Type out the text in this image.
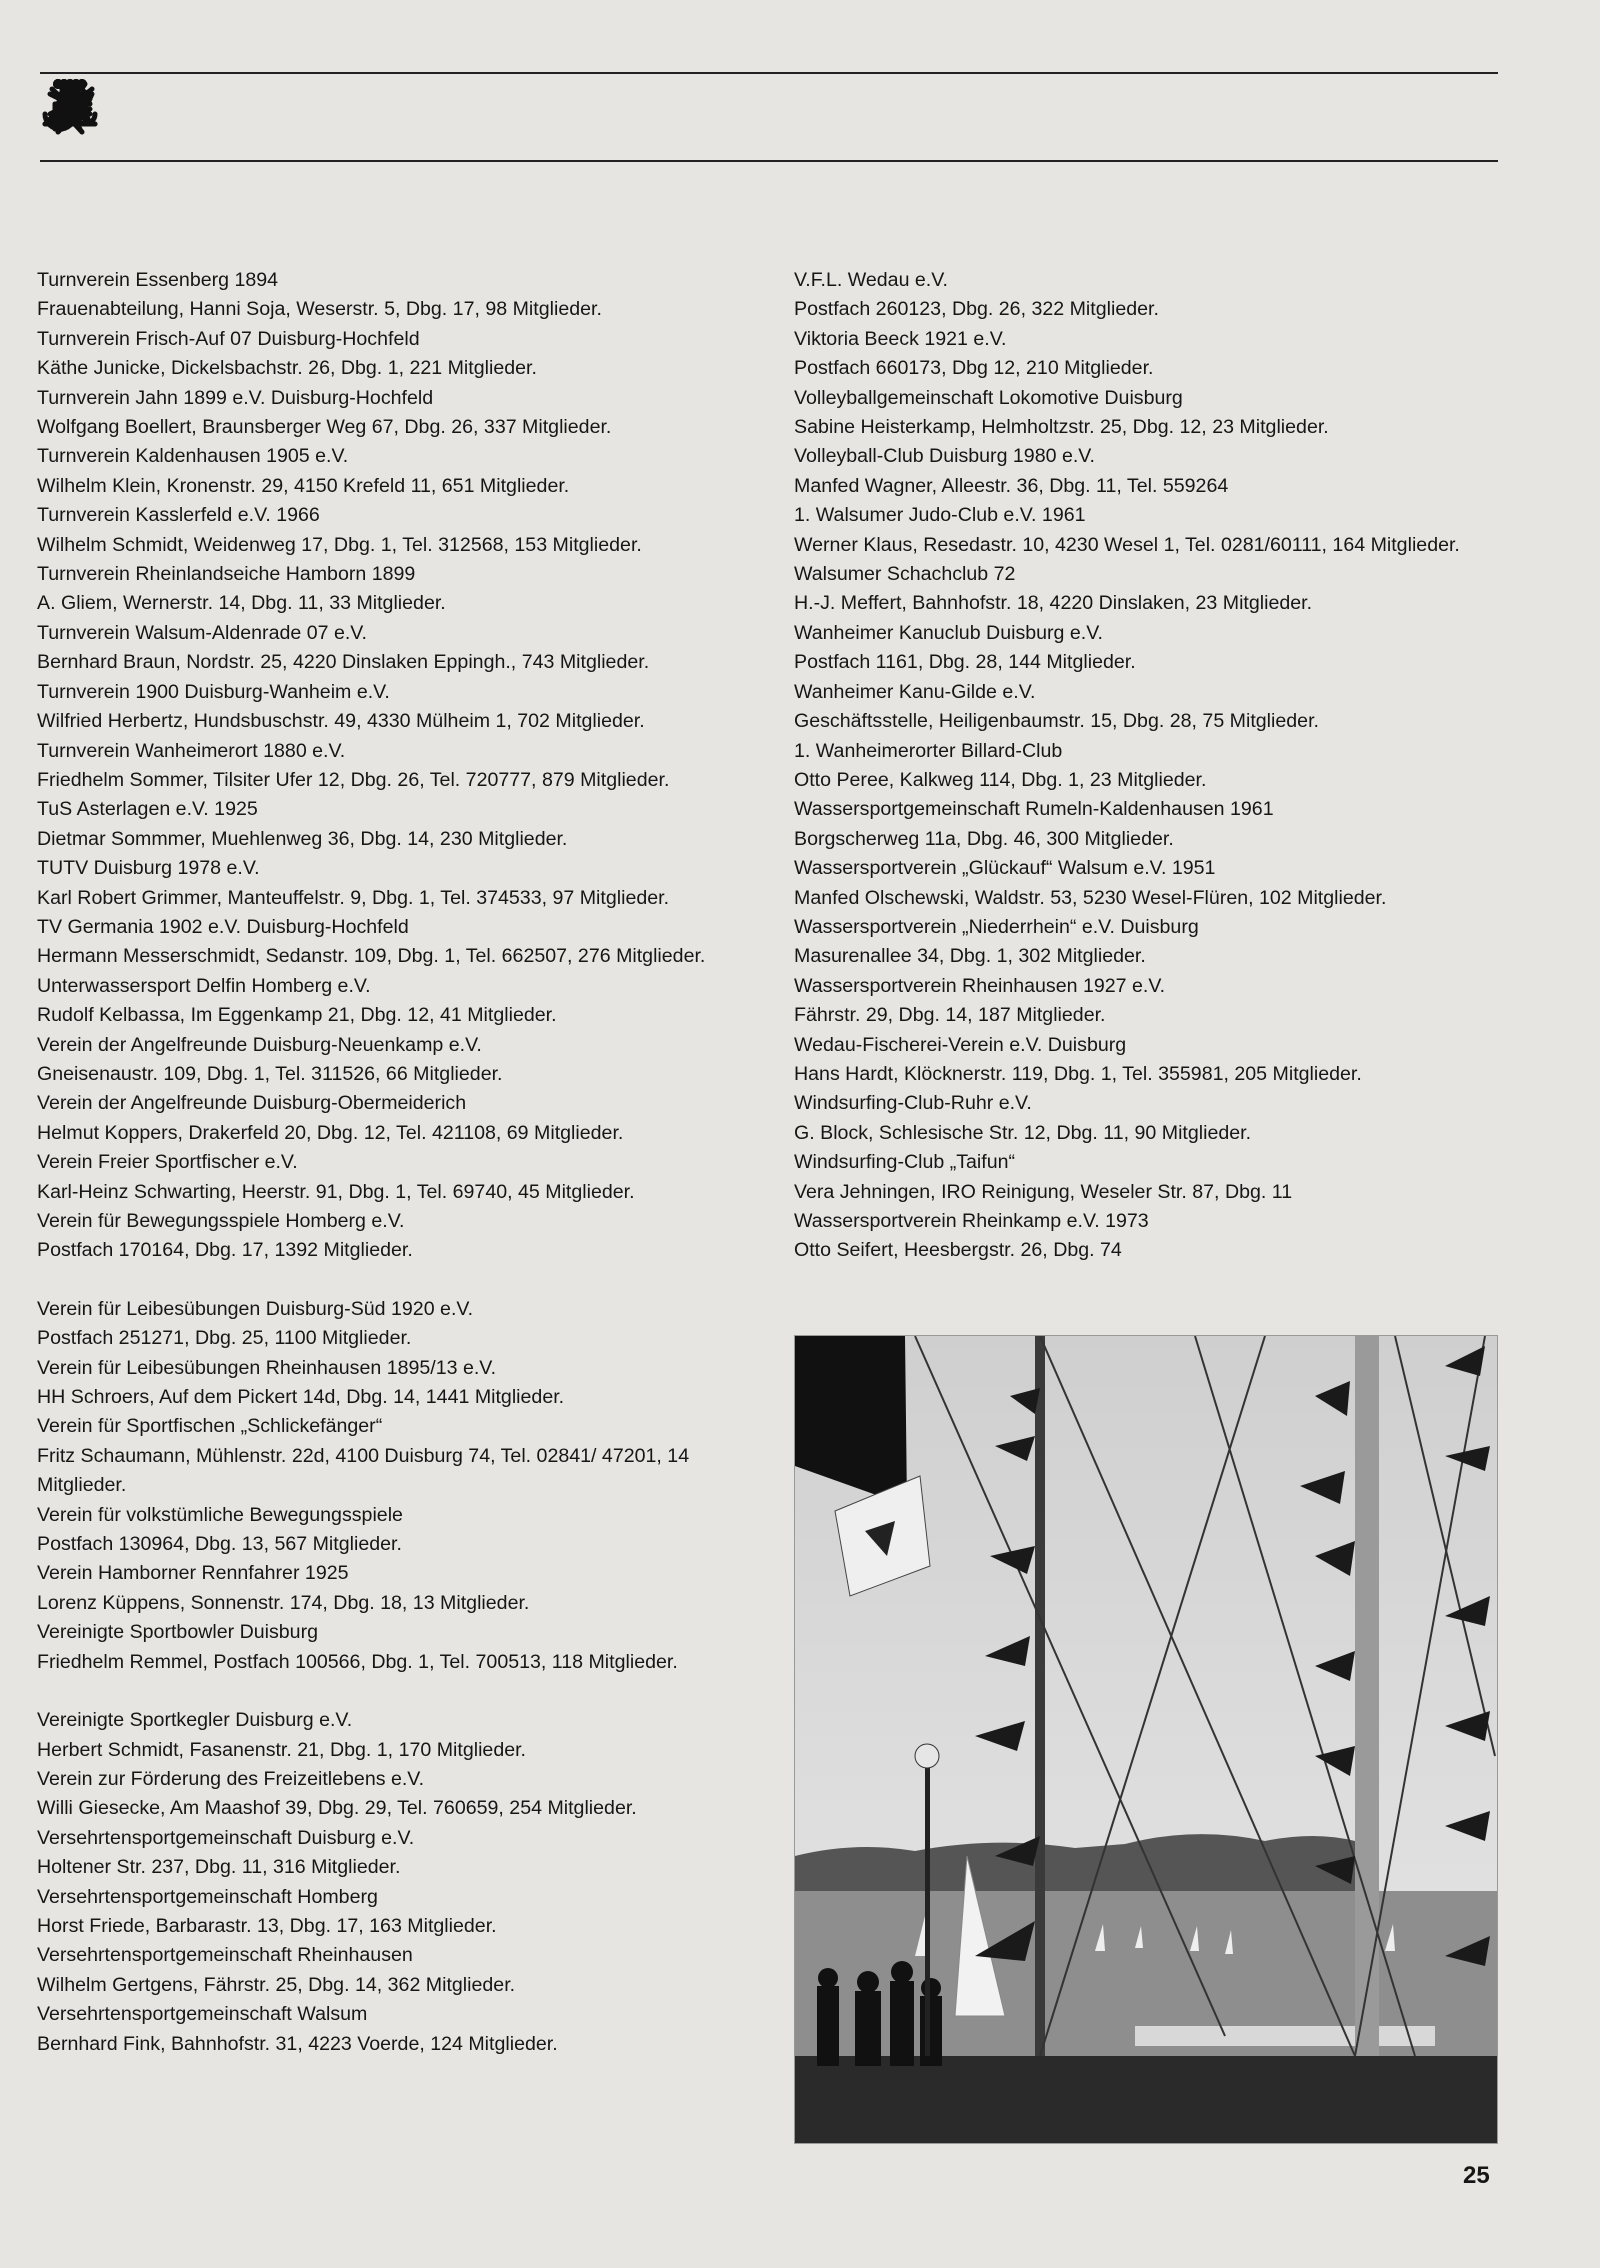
Turnverein Essenberg 1894
Frauenabteilung, Hanni Soja, Weserstr. 5, Dbg. 17, 98 Mitglieder.
Turnverein Frisch-Auf 07 Duisburg-Hochfeld
Käthe Junicke, Dickelsbachstr. 26, Dbg. 1, 221 Mitglieder.
Turnverein Jahn 1899 e.V. Duisburg-Hochfeld
Wolfgang Boellert, Braunsberger Weg 67, Dbg. 26, 337 Mitglieder.
Turnverein Kaldenhausen 1905 e.V.
Wilhelm Klein, Kronenstr. 29, 4150 Krefeld 11, 651 Mitglieder.
Turnverein Kasslerfeld e.V. 1966
Wilhelm Schmidt, Weidenweg 17, Dbg. 1, Tel. 312568, 153 Mitglieder.
Turnverein Rheinlandseiche Hamborn 1899
A. Gliem, Wernerstr. 14, Dbg. 11, 33 Mitglieder.
Turnverein Walsum-Aldenrade 07 e.V.
Bernhard Braun, Nordstr. 25, 4220 Dinslaken Eppingh., 743 Mitglieder.
Turnverein 1900 Duisburg-Wanheim e.V.
Wilfried Herbertz, Hundsbuschstr. 49, 4330 Mülheim 1, 702 Mitglieder.
Turnverein Wanheimerort 1880 e.V.
Friedhelm Sommer, Tilsiter Ufer 12, Dbg. 26, Tel. 720777, 879 Mitglieder.
TuS Asterlagen e.V. 1925
Dietmar Sommmer, Muehlenweg 36, Dbg. 14, 230 Mitglieder.
TUTV Duisburg 1978 e.V.
Karl Robert Grimmer, Manteuffelstr. 9, Dbg. 1, Tel. 374533, 97 Mitglieder.
TV Germania 1902 e.V. Duisburg-Hochfeld
Hermann Messerschmidt, Sedanstr. 109, Dbg. 1, Tel. 662507, 276 Mitglieder.
Unterwassersport Delfin Homberg e.V.
Rudolf Kelbassa, Im Eggenkamp 21, Dbg. 12, 41 Mitglieder.
Verein der Angelfreunde Duisburg-Neuenkamp e.V.
Gneisenaustr. 109, Dbg. 1, Tel. 311526, 66 Mitglieder.
Verein der Angelfreunde Duisburg-Obermeiderich
Helmut Koppers, Drakerfeld 20, Dbg. 12, Tel. 421108, 69 Mitglieder.
Verein Freier Sportfischer e.V.
Karl-Heinz Schwarting, Heerstr. 91, Dbg. 1, Tel. 69740, 45 Mitglieder.
Verein für Bewegungsspiele Homberg e.V.
Postfach 170164, Dbg. 17, 1392 Mitglieder.
Verein für Leibesübungen Duisburg-Süd 1920 e.V.
Postfach 251271, Dbg. 25, 1100 Mitglieder.
Verein für Leibesübungen Rheinhausen 1895/13 e.V.
HH Schroers, Auf dem Pickert 14d, Dbg. 14, 1441 Mitglieder.
Verein für Sportfischen „Schlickefänger“
Fritz Schaumann, Mühlenstr. 22d, 4100 Duisburg 74, Tel. 02841/ 47201, 14 Mitglieder.
Verein für volkstümliche Bewegungsspiele
Postfach 130964, Dbg. 13, 567 Mitglieder.
Verein Hamborner Rennfahrer 1925
Lorenz Küppens, Sonnenstr. 174, Dbg. 18, 13 Mitglieder.
Vereinigte Sportbowler Duisburg
Friedhelm Remmel, Postfach 100566, Dbg. 1, Tel. 700513, 118 Mitglieder.
Vereinigte Sportkegler Duisburg e.V.
Herbert Schmidt, Fasanenstr. 21, Dbg. 1, 170 Mitglieder.
Verein zur Förderung des Freizeitlebens e.V.
Willi Giesecke, Am Maashof 39, Dbg. 29, Tel. 760659, 254 Mitglieder.
Versehrtensportgemeinschaft Duisburg e.V.
Holtener Str. 237, Dbg. 11, 316 Mitglieder.
Versehrtensportgemeinschaft Homberg
Horst Friede, Barbarastr. 13, Dbg. 17, 163 Mitglieder.
Versehrtensportgemeinschaft Rheinhausen
Wilhelm Gertgens, Fährstr. 25, Dbg. 14, 362 Mitglieder.
Versehrtensportgemeinschaft Walsum
Bernhard Fink, Bahnhofstr. 31, 4223 Voerde, 124 Mitglieder.
V.F.L. Wedau e.V.
Postfach 260123, Dbg. 26, 322 Mitglieder.
Viktoria Beeck 1921 e.V.
Postfach 660173, Dbg 12, 210 Mitglieder.
Volleyballgemeinschaft Lokomotive Duisburg
Sabine Heisterkamp, Helmholtzstr. 25, Dbg. 12, 23 Mitglieder.
Volleyball-Club Duisburg 1980 e.V.
Manfed Wagner, Alleestr. 36, Dbg. 11, Tel. 559264
1. Walsumer Judo-Club e.V. 1961
Werner Klaus, Resedastr. 10, 4230 Wesel 1, Tel. 0281/60111, 164 Mitglieder.
Walsumer Schachclub 72
H.-J. Meffert, Bahnhofstr. 18, 4220 Dinslaken, 23 Mitglieder.
Wanheimer Kanuclub Duisburg e.V.
Postfach 1161, Dbg. 28, 144 Mitglieder.
Wanheimer Kanu-Gilde e.V.
Geschäftsstelle, Heiligenbaumstr. 15, Dbg. 28, 75 Mitglieder.
1. Wanheimerorter Billard-Club
Otto Peree, Kalkweg 114, Dbg. 1, 23 Mitglieder.
Wassersportgemeinschaft Rumeln-Kaldenhausen 1961
Borgscherweg 11a, Dbg. 46, 300 Mitglieder.
Wassersportverein „Glückauf“ Walsum e.V. 1951
Manfed Olschewski, Waldstr. 53, 5230 Wesel-Flüren, 102 Mitglieder.
Wassersportverein „Niederrhein“ e.V. Duisburg
Masurenallee 34, Dbg. 1, 302 Mitglieder.
Wassersportverein Rheinhausen 1927 e.V.
Fährstr. 29, Dbg. 14, 187 Mitglieder.
Wedau-Fischerei-Verein e.V. Duisburg
Hans Hardt, Klöcknerstr. 119, Dbg. 1, Tel. 355981, 205 Mitglieder.
Windsurfing-Club-Ruhr e.V.
G. Block, Schlesische Str. 12, Dbg. 11, 90 Mitglieder.
Windsurfing-Club „Taifun“
Vera Jehningen, IRO Reinigung, Weseler Str. 87, Dbg. 11
Wassersportverein Rheinkamp e.V. 1973
Otto Seifert, Heesbergstr. 26, Dbg. 74
25
